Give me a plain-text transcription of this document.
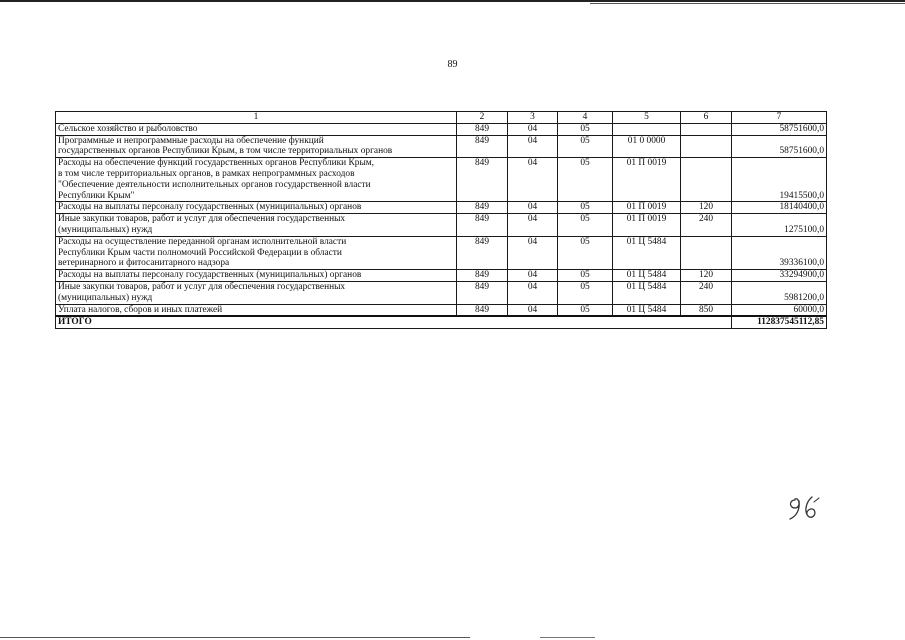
89
1	2	3	4	5	6	7

Сельское хозяйство и рыболовство	849	04	05			58751600,0

Программные и непрограммные расходы на обеспечение функций
государственных органов Республики Крым, в том числе территориальных органов	849	04	05	01 0 0000		58751600,0

Расходы на обеспечение функций государственных органов Республики Крым,
в том числе территориальных органов, в рамках непрограммных расходов
"Обеспечение деятельности исполнительных органов государственной власти
Республики Крым"	849	04	05	01 П 0019		19415500,0

Расходы на выплаты персоналу государственных (муниципальных) органов	849	04	05	01 П 0019	120	18140400,0

Иные закупки товаров, работ и услуг для обеспечения государственных
(муниципальных) нужд	849	04	05	01 П 0019	240	1275100,0

Расходы на осуществление переданной органам исполнительной власти
Республики Крым части полномочий Российской Федерации в области
ветеринарного и фитосанитарного надзора	849	04	05	01 Ц 5484		39336100,0

Расходы на выплаты персоналу государственных (муниципальных) органов	849	04	05	01 Ц 5484	120	33294900,0

Иные закупки товаров, работ и услуг для обеспечения государственных
(муниципальных) нужд	849	04	05	01 Ц 5484	240	5981200,0

Уплата налогов, сборов и иных платежей	849	04	05	01 Ц 5484	850	60000,0
ИТОГО						112837545112,85
